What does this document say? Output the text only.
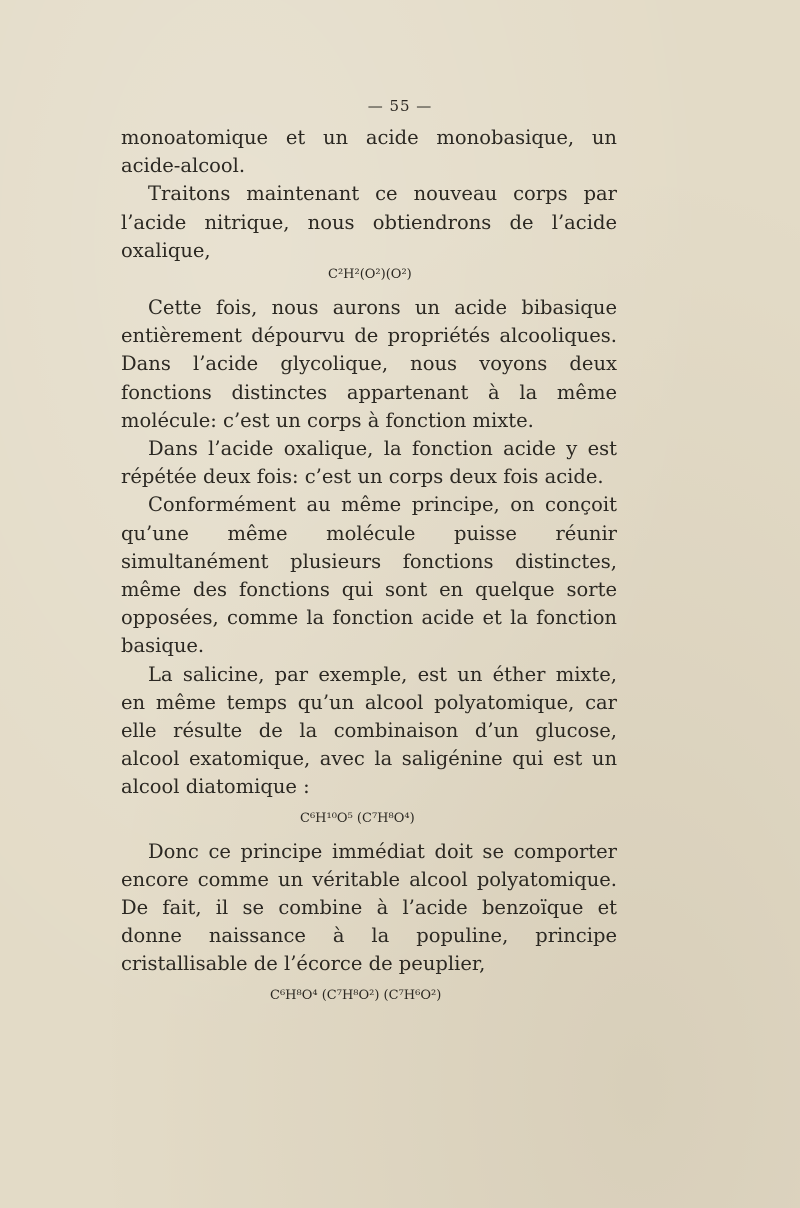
— 55 —

monoatomique et un acide monobasique, un acide-alcool.

Traitons maintenant ce nouveau corps par l’acide nitrique, nous obtiendrons de l’acide oxalique,

C²H²(O²)(O²)

Cette fois, nous aurons un acide bibasique entièrement dépourvu de propriétés alcooliques. Dans l’acide glycolique, nous voyons deux fonctions distinctes appartenant à la même molécule: c’est un corps à fonction mixte.

Dans l’acide oxalique, la fonction acide y est répétée deux fois: c’est un corps deux fois acide.

Conformément au même principe, on conçoit qu’une même molécule puisse réunir simultanément plusieurs fonctions distinctes, même des fonctions qui sont en quelque sorte opposées, comme la fonction acide et la fonction basique.

La salicine, par exemple, est un éther mixte, en même temps qu’un alcool polyatomique, car elle résulte de la combinaison d’un glucose, alcool exatomique, avec la saligénine qui est un alcool diatomique :

C⁶H¹⁰O⁵ (C⁷H⁸O⁴)

Donc ce principe immédiat doit se comporter encore comme un véritable alcool polyatomique. De fait, il se combine à l’acide benzoïque et donne naissance à la populine, principe cristallisable de l’écorce de peuplier,

C⁶H⁸O⁴ (C⁷H⁸O²) (C⁷H⁶O²)
